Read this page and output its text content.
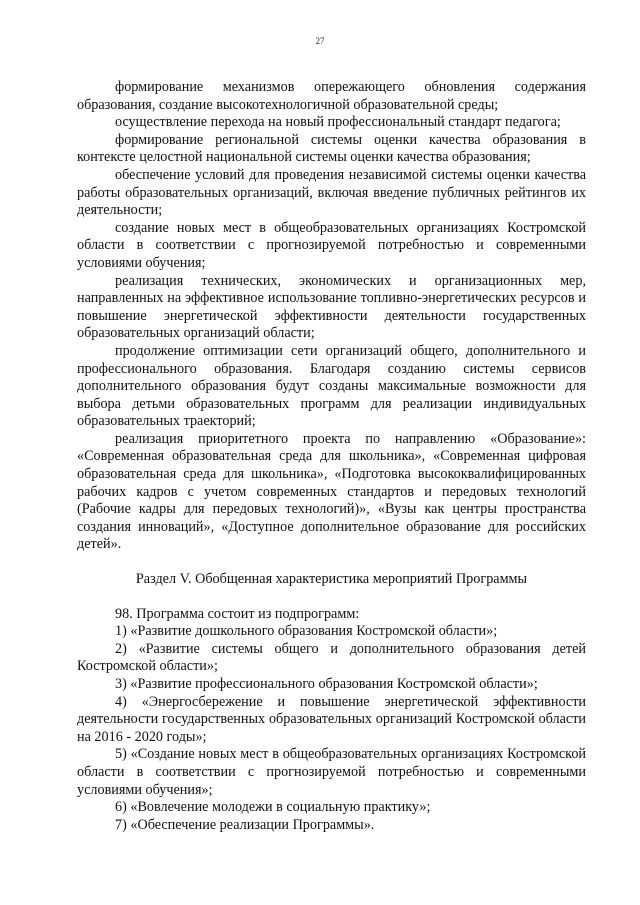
27

формирование механизмов опережающего обновления содержания образования, создание высокотехнологичной образовательной среды;

осуществление перехода на новый профессиональный стандарт педагога;

формирование региональной системы оценки качества образования в контексте целостной национальной системы оценки качества образования;

обеспечение условий для проведения независимой системы оценки качества работы образовательных организаций, включая введение публичных рейтингов их деятельности;

создание новых мест в общеобразовательных организациях Костромской области в соответствии с прогнозируемой потребностью и современными условиями обучения;

реализация технических, экономических и организационных мер, направленных на эффективное использование топливно-энергетических ресурсов и повышение энергетической эффективности деятельности государственных образовательных организаций области;

продолжение оптимизации сети организаций общего, дополнительного и профессионального образования. Благодаря созданию системы сервисов дополнительного образования будут созданы максимальные возможности для выбора детьми образовательных программ для реализации индивидуальных образовательных траекторий;

реализация приоритетного проекта по направлению «Образование»: «Современная образовательная среда для школьника», «Современная цифровая образовательная среда для школьника», «Подготовка высококвалифицированных рабочих кадров с учетом современных стандартов и передовых технологий (Рабочие кадры для передовых технологий)», «Вузы как центры пространства создания инноваций», «Доступное дополнительное образование для российских детей».

Раздел V. Обобщенная характеристика мероприятий Программы

98. Программа состоит из подпрограмм:

1) «Развитие дошкольного образования Костромской области»;

2) «Развитие системы общего и дополнительного образования детей Костромской области»;

3) «Развитие профессионального образования Костромской области»;

4) «Энергосбережение и повышение энергетической эффективности деятельности государственных образовательных организаций Костромской области на 2016 - 2020 годы»;

5) «Создание новых мест в общеобразовательных организациях Костромской области в соответствии с прогнозируемой потребностью и современными условиями обучения»;

6) «Вовлечение молодежи в социальную практику»;

7) «Обеспечение реализации Программы».
